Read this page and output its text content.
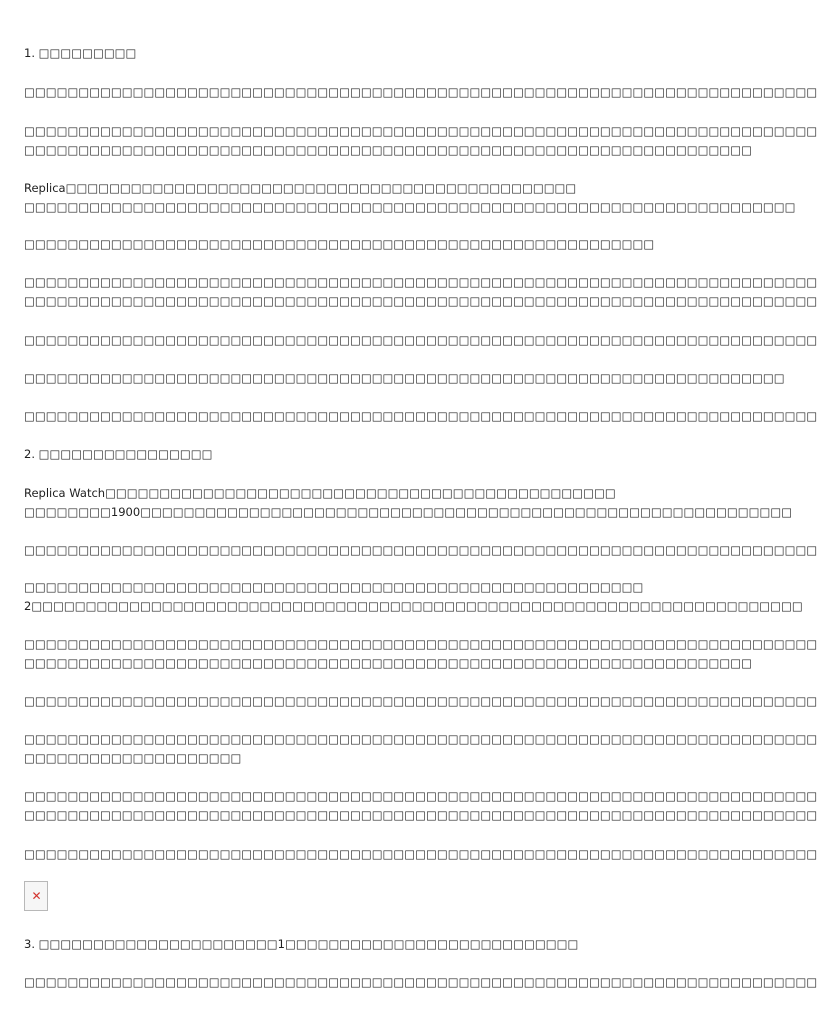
1. □□□□□□□□□
□□□□□□□□□□□□□□□□□□□□□□□□□□□□□□□□□□□□□□□□□□□□□□□□□□□□□□□□□□□□□□□□□□□□□□□□□
□□□□□□□□□□□□□□□□□□□□□□□□□□□□□□□□□□□□□□□□□□□□□□□□□□□□□□□□□□□□□□□□□□□□□□□□□
□□□□□□□□□□□□□□□□□□□□□□□□□□□□□□□□□□□□□□□□□□□□□□□□□□□□□□□□□□□□□□□□□□□
Replica□□□□□□□□□□□□□□□□□□□□□□□□□□□□□□□□□□□□□□□□□□□□□□□
□□□□□□□□□□□□□□□□□□□□□□□□□□□□□□□□□□□□□□□□□□□□□□□□□□□□□□□□□□□□□□□□□□□□□□□
□□□□□□□□□□□□□□□□□□□□□□□□□□□□□□□□□□□□□□□□□□□□□□□□□□□□□□□□□□
□□□□□□□□□□□□□□□□□□□□□□□□□□□□□□□□□□□□□□□□□□□□□□□□□□□□□□□□□□□□□□□□□□□□□□□□□
□□□□□□□□□□□□□□□□□□□□□□□□□□□□□□□□□□□□□□□□□□□□□□□□□□□□□□□□□□□□□□□□□□□□□□□□□
□□□□□□□□□□□□□□□□□□□□□□□□□□□□□□□□□□□□□□□□□□□□□□□□□□□□□□□□□□□□□□□□□□□□□□□□□
□□□□□□□□□□□□□□□□□□□□□□□□□□□□□□□□□□□□□□□□□□□□□□□□□□□□□□□□□□□□□□□□□□□□□□
□□□□□□□□□□□□□□□□□□□□□□□□□□□□□□□□□□□□□□□□□□□□□□□□□□□□□□□□□□□□□□□□□□□□□□□□□
2. □□□□□□□□□□□□□□□□
Replica Watch□□□□□□□□□□□□□□□□□□□□□□□□□□□□□□□□□□□□□□□□□□□□□□□
□□□□□□□□1900□□□□□□□□□□□□□□□□□□□□□□□□□□□□□□□□□□□□□□□□□□□□□□□□□□□□□□□□□□□□
□□□□□□□□□□□□□□□□□□□□□□□□□□□□□□□□□□□□□□□□□□□□□□□□□□□□□□□□□□□□□□□□□□□□□□□□□
□□□□□□□□□□□□□□□□□□□□□□□□□□□□□□□□□□□□□□□□□□□□□□□□□□□□□□□□□
2□□□□□□□□□□□□□□□□□□□□□□□□□□□□□□□□□□□□□□□□□□□□□□□□□□□□□□□□□□□□□□□□□□□□□□□
□□□□□□□□□□□□□□□□□□□□□□□□□□□□□□□□□□□□□□□□□□□□□□□□□□□□□□□□□□□□□□□□□□□□□□□□□
□□□□□□□□□□□□□□□□□□□□□□□□□□□□□□□□□□□□□□□□□□□□□□□□□□□□□□□□□□□□□□□□□□□
□□□□□□□□□□□□□□□□□□□□□□□□□□□□□□□□□□□□□□□□□□□□□□□□□□□□□□□□□□□□□□□□□□□□□□□□□
□□□□□□□□□□□□□□□□□□□□□□□□□□□□□□□□□□□□□□□□□□□□□□□□□□□□□□□□□□□□□□□□□□□□□□□□□
□□□□□□□□□□□□□□□□□□□□
□□□□□□□□□□□□□□□□□□□□□□□□□□□□□□□□□□□□□□□□□□□□□□□□□□□□□□□□□□□□□□□□□□□□□□□□□
□□□□□□□□□□□□□□□□□□□□□□□□□□□□□□□□□□□□□□□□□□□□□□□□□□□□□□□□□□□□□□□□□□□□□□□□□
□□□□□□□□□□□□□□□□□□□□□□□□□□□□□□□□□□□□□□□□□□□□□□□□□□□□□□□□□□□□□□□□□□□□□□□□□
✕
3. □□□□□□□□□□□□□□□□□□□□□□1□□□□□□□□□□□□□□□□□□□□□□□□□□□
□□□□□□□□□□□□□□□□□□□□□□□□□□□□□□□□□□□□□□□□□□□□□□□□□□□□□□□□□□□□□□□□□□□□□□□□□
